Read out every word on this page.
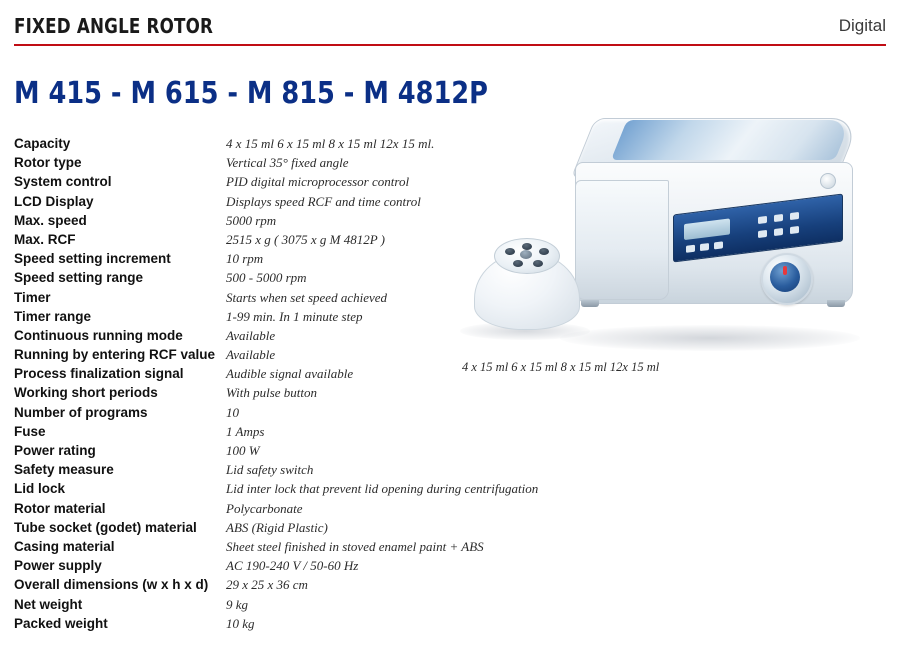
FIXED ANGLE ROTOR	Digital
M 415 - M 615 - M 815 - M 4812P
Capacity	4 x 15 ml 6 x 15 ml 8 x 15 ml 12x 15 ml.
Rotor type	Vertical 35° fixed angle
System control	PID digital microprocessor control
LCD Display	Displays speed RCF and time control
Max. speed	5000 rpm
Max. RCF	2515 x g ( 3075 x g M 4812P )
Speed setting increment	10 rpm
Speed setting range	500 - 5000 rpm
Timer	Starts when set speed achieved
Timer range	1-99 min. In 1 minute step
Continuous running mode	Available
Running by entering RCF value Available
Process finalization signal	Audible signal available
Working short periods	With pulse button
Number of programs	10
Fuse	1 Amps
Power rating	100 W
Safety measure	Lid safety switch
Lid lock	Lid inter lock that prevent lid opening during centrifugation
Rotor material	Polycarbonate
Tube socket (godet) material	ABS (Rigid Plastic)
Casing material	Sheet steel finished in stoved enamel paint + ABS
Power supply	AC 190-240 V / 50-60 Hz
Overall dimensions (w x h x d)	29 x 25 x 36 cm
Net weight	9 kg
Packed weight	10 kg
4 x 15 ml 6 x 15 ml 8 x 15 ml 12x 15 ml
